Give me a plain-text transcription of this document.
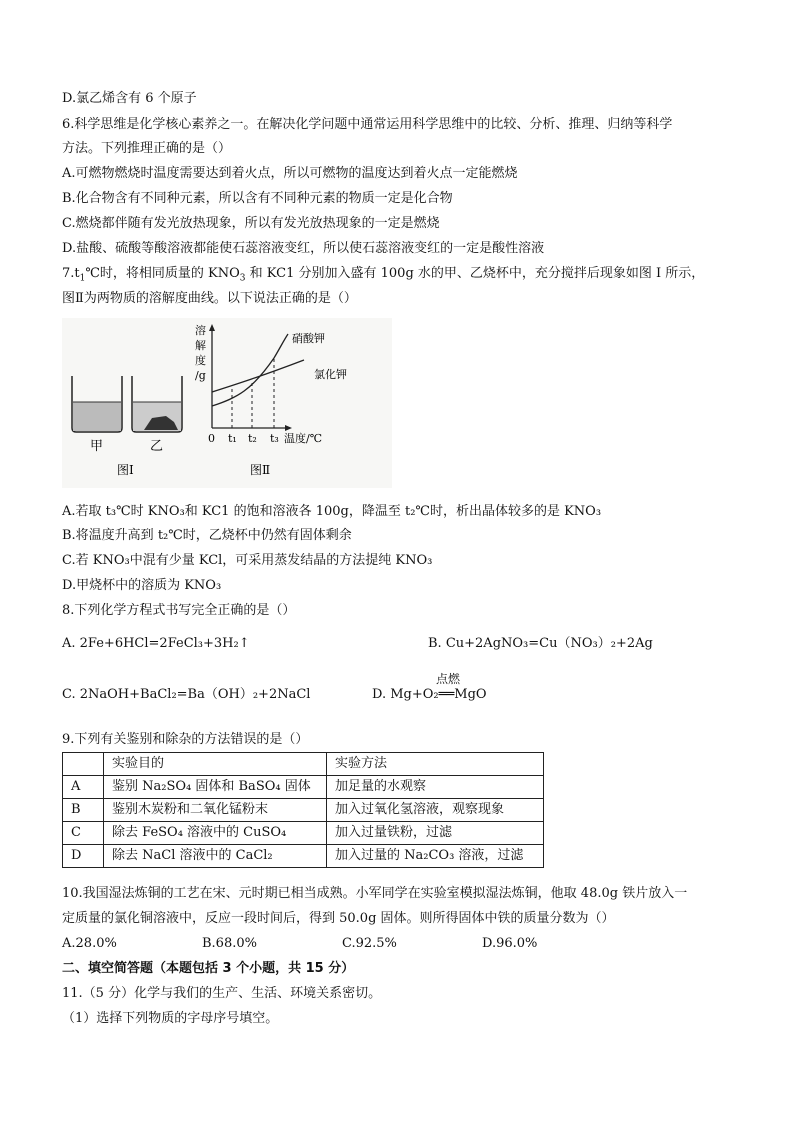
D.氯乙烯含有 6 个原子
6.科学思维是化学核心素养之一。在解决化学问题中通常运用科学思维中的比较、分析、推理、归纳等科学
方法。下列推理正确的是（）
A.可燃物燃烧时温度需要达到着火点，所以可燃物的温度达到着火点一定能燃烧
B.化合物含有不同种元素，所以含有不同种元素的物质一定是化合物
C.燃烧都伴随有发光放热现象，所以有发光放热现象的一定是燃烧
D.盐酸、硫酸等酸溶液都能使石蕊溶液变红，所以使石蕊溶液变红的一定是酸性溶液
$7.t_1℃$时，将相同质量的 $KNO_3$ 和 KC1 分别加入盛有 100g 水的甲、乙烧杯中，充分搅拌后现象如图 I 所示，
图Ⅱ为两物质的溶解度曲线。以下说法正确的是（）
甲	乙
图Ⅰ
溶
解
度
/g
0 t₁ t₂ t₃ 温度/℃
硝酸钾
氯化钾
图Ⅱ
A.若取 t₃℃时 KNO₃和 KC1 的饱和溶液各 100g，降温至 t₂℃时，析出晶体较多的是 KNO₃
B.将温度升高到 t₂℃时，乙烧杯中仍然有固体剩余
C.若 KNO₃中混有少量 KCl，可采用蒸发结晶的方法提纯 KNO₃
D.甲烧杯中的溶质为 KNO₃
8.下列化学方程式书写完全正确的是（）
A. 2Fe+6HCl=2FeCl₃+3H₂↑	B. Cu+2AgNO₃=Cu（NO₃）₂+2Ag
C. 2NaOH+BaCl₂=Ba（OH）₂+2NaCl
点燃
D. Mg+O₂══MgO
9.下列有关鉴别和除杂的方法错误的是（）
	实验目的	实验方法
A	鉴别 Na₂SO₄ 固体和 BaSO₄ 固体	加足量的水观察
B	鉴别木炭粉和二氧化锰粉末	加入过氧化氢溶液，观察现象
C	除去 FeSO₄ 溶液中的 CuSO₄	加入过量铁粉，过滤
D	除去 NaCl 溶液中的 CaCl₂	加入过量的 Na₂CO₃ 溶液，过滤
10.我国湿法炼铜的工艺在宋、元时期已相当成熟。小军同学在实验室模拟湿法炼铜，他取 48.0g 铁片放入一
定质量的氯化铜溶液中，反应一段时间后，得到 50.0g 固体。则所得固体中铁的质量分数为（）
A.28.0%	B.68.0%	C.92.5%	D.96.0%
二、填空简答题（本题包括 3 个小题，共 15 分）
11.（5 分）化学与我们的生产、生活、环境关系密切。
（1）选择下列物质的字母序号填空。
